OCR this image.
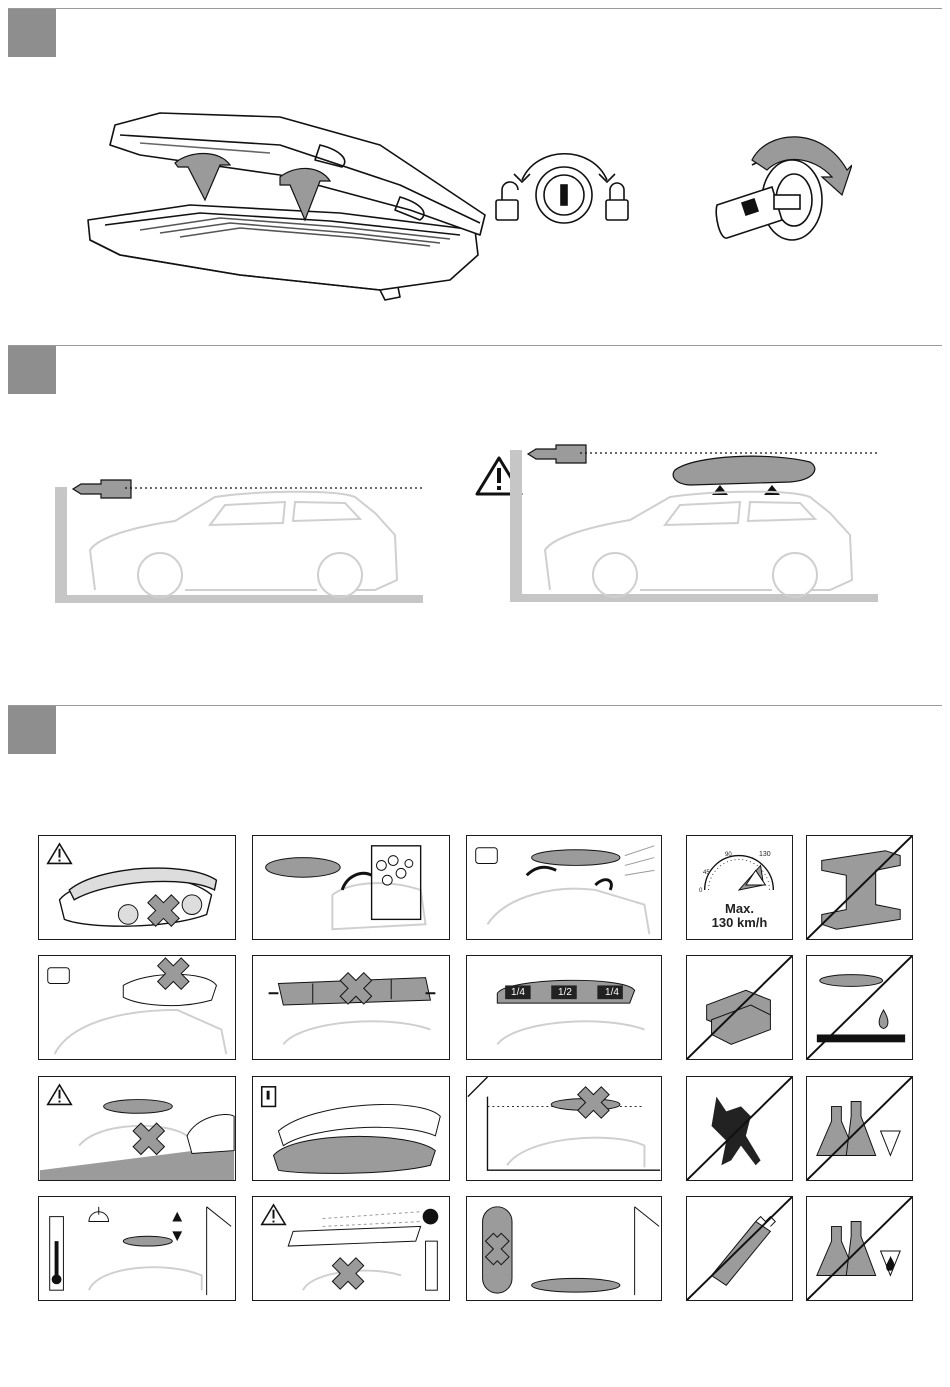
0
45
90	130
Max.
130 km/h
1/4	1/2	1/4
